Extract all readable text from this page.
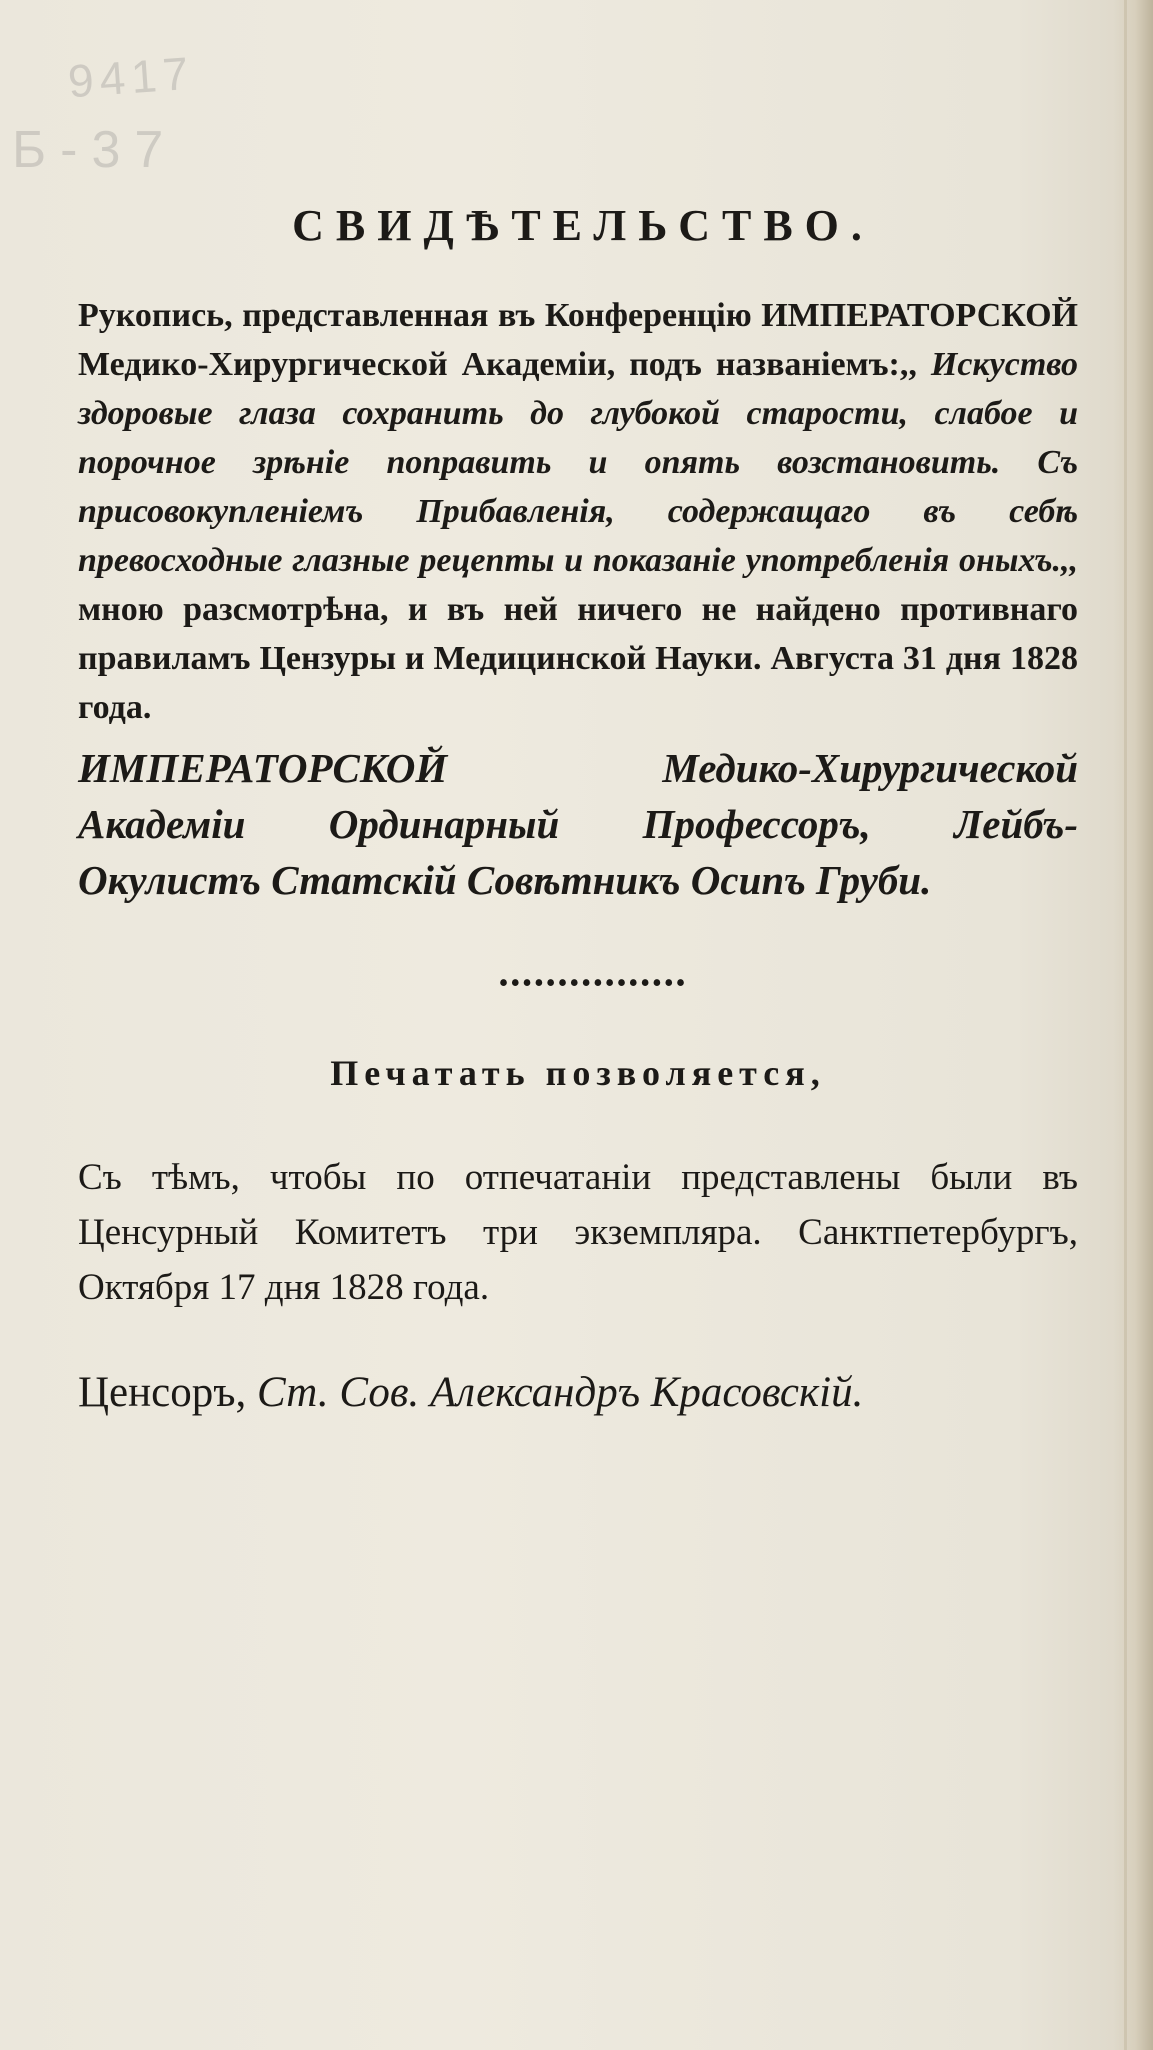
9417
Б-37
СВИДѢТЕЛЬСТВО.

Рукопись, представленная въ Конференцію ИМПЕРАТОРСКОЙ Медико-Хирургической Академіи, подъ названіемъ:,, Искуство здоровые глаза сохранить до глубокой старости, слабое и порочное зрѣніе поправить и опять возстановить. Съ присовокупленіемъ Прибавленія, содержащаго въ себѣ превосходные глазные рецепты и показаніе употребленія оныхъ.,, мною разсмотрѣна, и въ ней ничего не найдено противнаго правиламъ Цензуры и Медицинской Науки. Августа 31 дня 1828 года.

ИМПЕРАТОРСКОЙ Медико-Хирургической
Академіи Ординарный Профессоръ, Лейбъ-
Окулистъ Статскій Совѣтникъ Осипъ Груби.
••••••••••••••••
Печатать позволяется,

Съ тѣмъ, чтобы по отпечатаніи представлены были въ Ценсурный Комитетъ три экземпляра. Санктпетербургъ, Октября 17 дня 1828 года.

Ценсоръ, Ст. Сов. Александръ Красовскій.
